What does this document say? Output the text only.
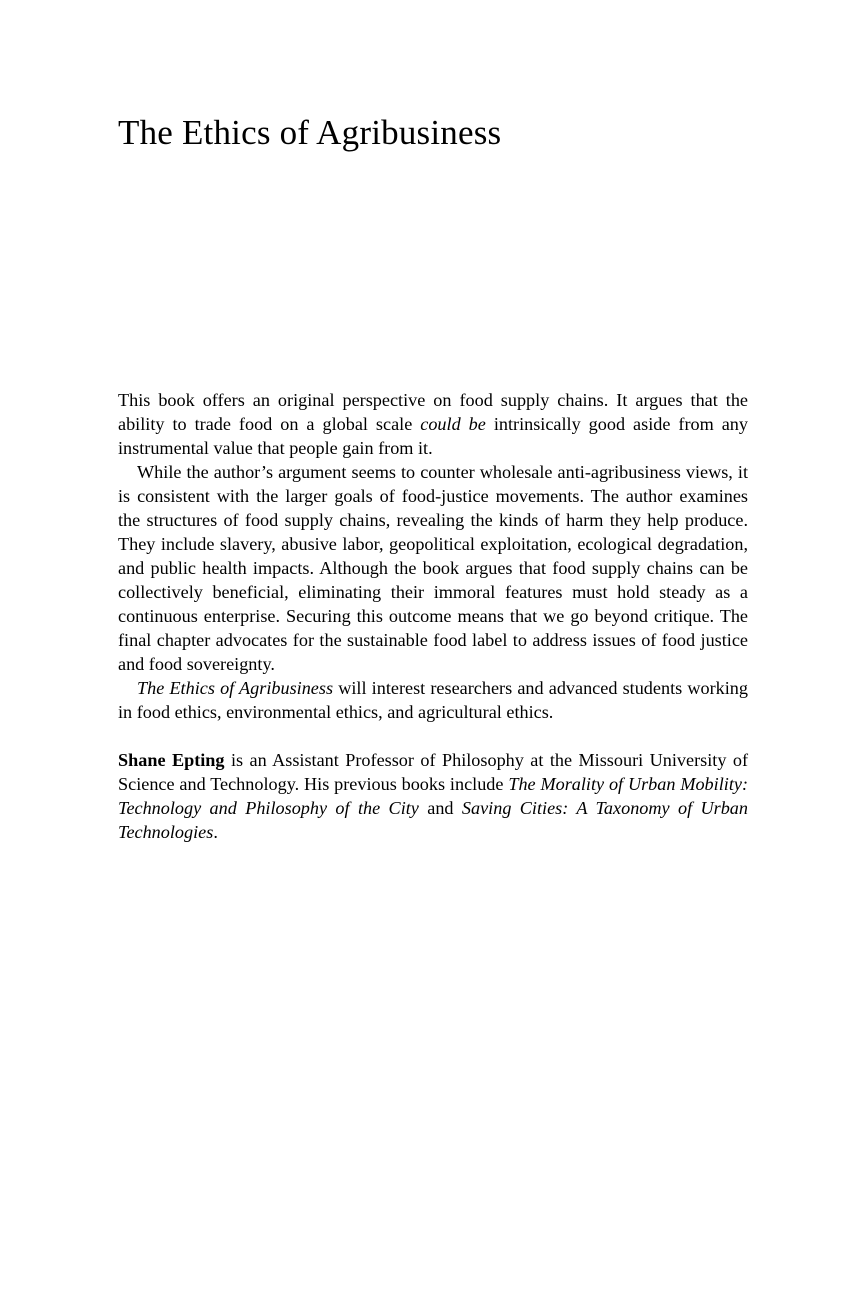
The Ethics of Agribusiness

This book offers an original perspective on food supply chains. It argues that the ability to trade food on a global scale could be intrinsically good aside from any instrumental value that people gain from it.

While the author’s argument seems to counter wholesale anti-agribusiness views, it is consistent with the larger goals of food-justice movements. The author examines the structures of food supply chains, revealing the kinds of harm they help produce. They include slavery, abusive labor, geopolitical exploitation, ecological degradation, and public health impacts. Although the book argues that food supply chains can be collectively beneficial, eliminating their immoral features must hold steady as a continuous enterprise. Securing this outcome means that we go beyond critique. The final chapter advocates for the sustainable food label to address issues of food justice and food sovereignty.

The Ethics of Agribusiness will interest researchers and advanced students working in food ethics, environmental ethics, and agricultural ethics.

Shane Epting is an Assistant Professor of Philosophy at the Missouri University of Science and Technology. His previous books include The Morality of Urban Mobility: Technology and Philosophy of the City and Saving Cities: A Taxonomy of Urban Technologies.
